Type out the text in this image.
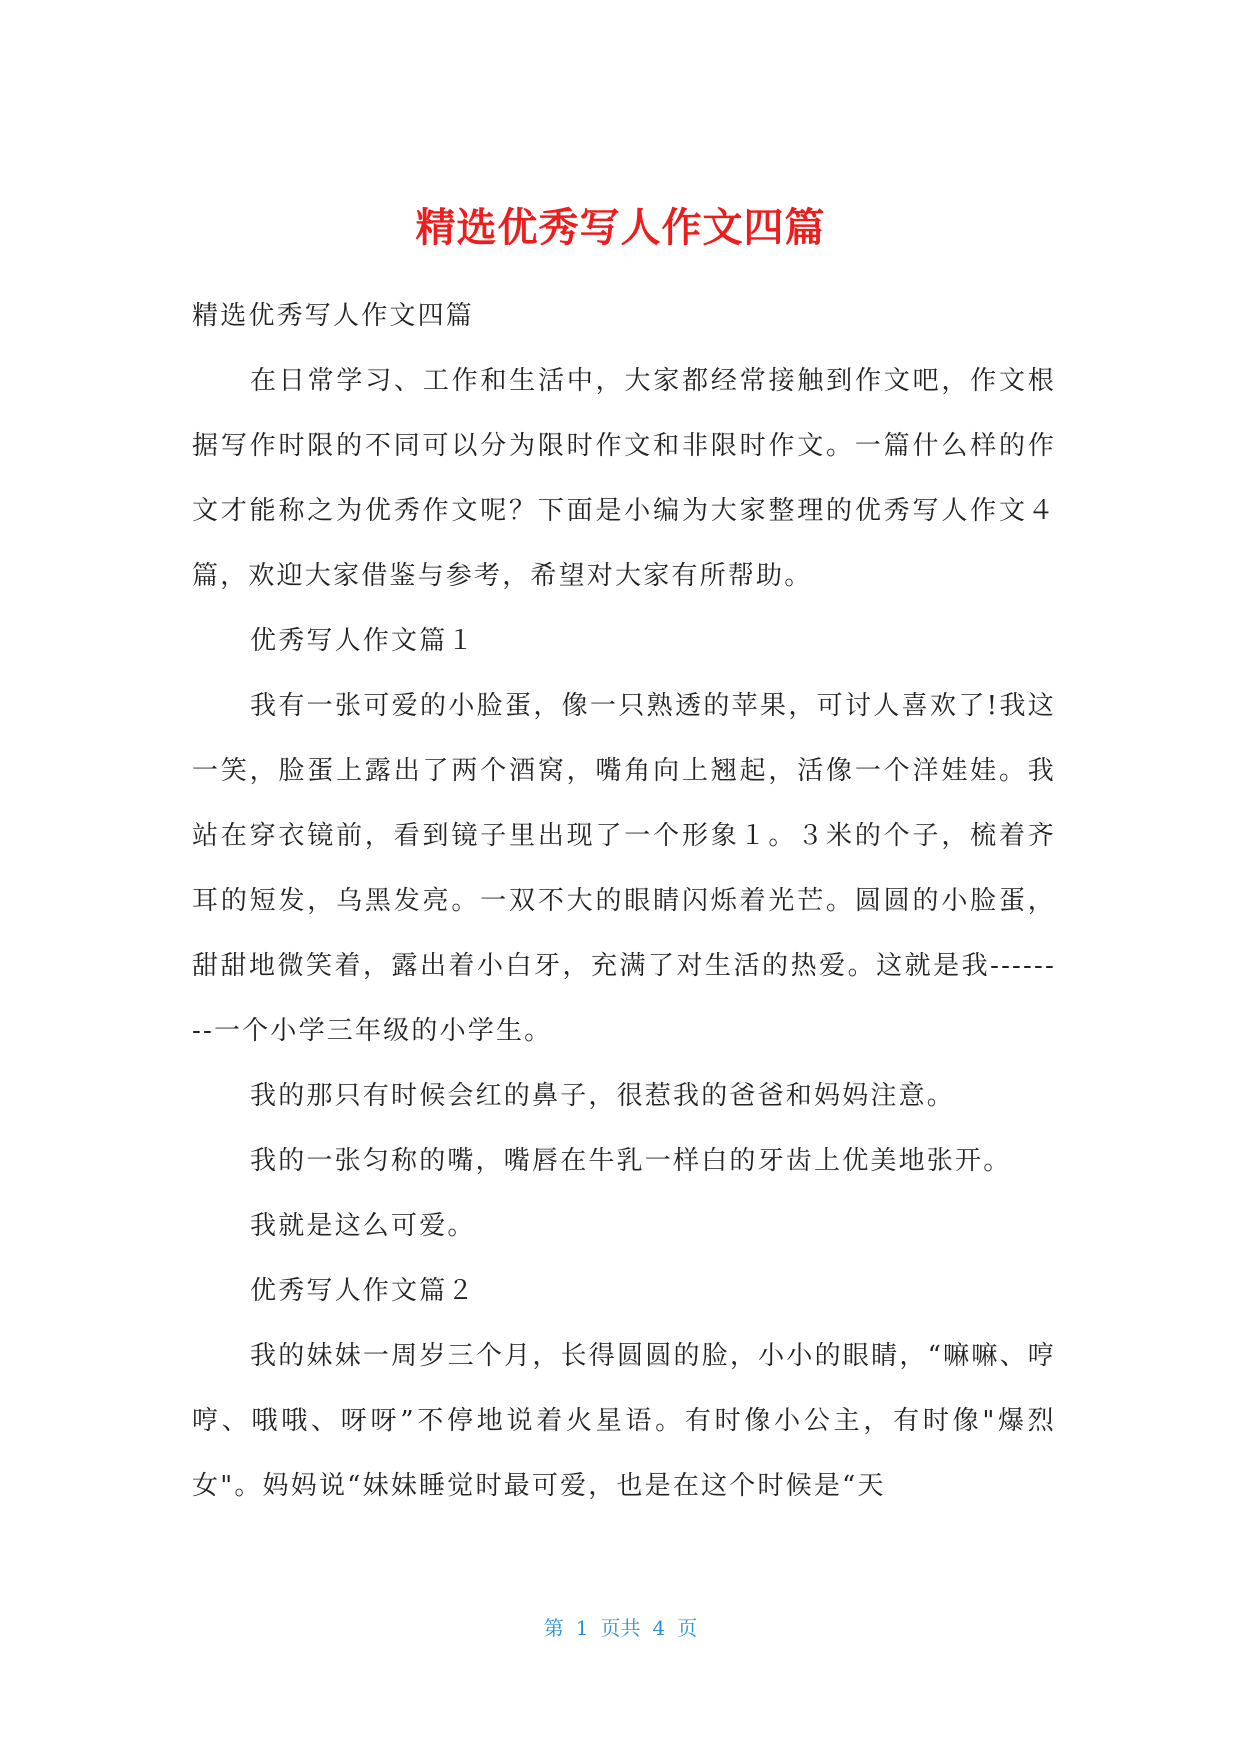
精选优秀写人作文四篇

精选优秀写人作文四篇

在日常学习、工作和生活中，大家都经常接触到作文吧，作文根据写作时限的不同可以分为限时作文和非限时作文。一篇什么样的作文才能称之为优秀作文呢？下面是小编为大家整理的优秀写人作文４篇，欢迎大家借鉴与参考，希望对大家有所帮助。

优秀写人作文篇１

我有一张可爱的小脸蛋，像一只熟透的苹果，可讨人喜欢了!我这一笑，脸蛋上露出了两个酒窝，嘴角向上翘起，活像一个洋娃娃。我站在穿衣镜前，看到镜子里出现了一个形象１。３米的个子，梳着齐耳的短发，乌黑发亮。一双不大的眼睛闪烁着光芒。圆圆的小脸蛋，甜甜地微笑着，露出着小白牙，充满了对生活的热爱。这就是我--------一个小学三年级的小学生。

我的那只有时候会红的鼻子，很惹我的爸爸和妈妈注意。

我的一张匀称的嘴，嘴唇在牛乳一样白的牙齿上优美地张开。

我就是这么可爱。

优秀写人作文篇２

我的妹妹一周岁三个月，长得圆圆的脸，小小的眼睛，“嘛嘛、哼哼、哦哦、呀呀”不停地说着火星语。有时像小公主，有时像"爆烈女"。妈妈说“妹妹睡觉时最可爱，也是在这个时候是“天

第 1 页共 4 页
